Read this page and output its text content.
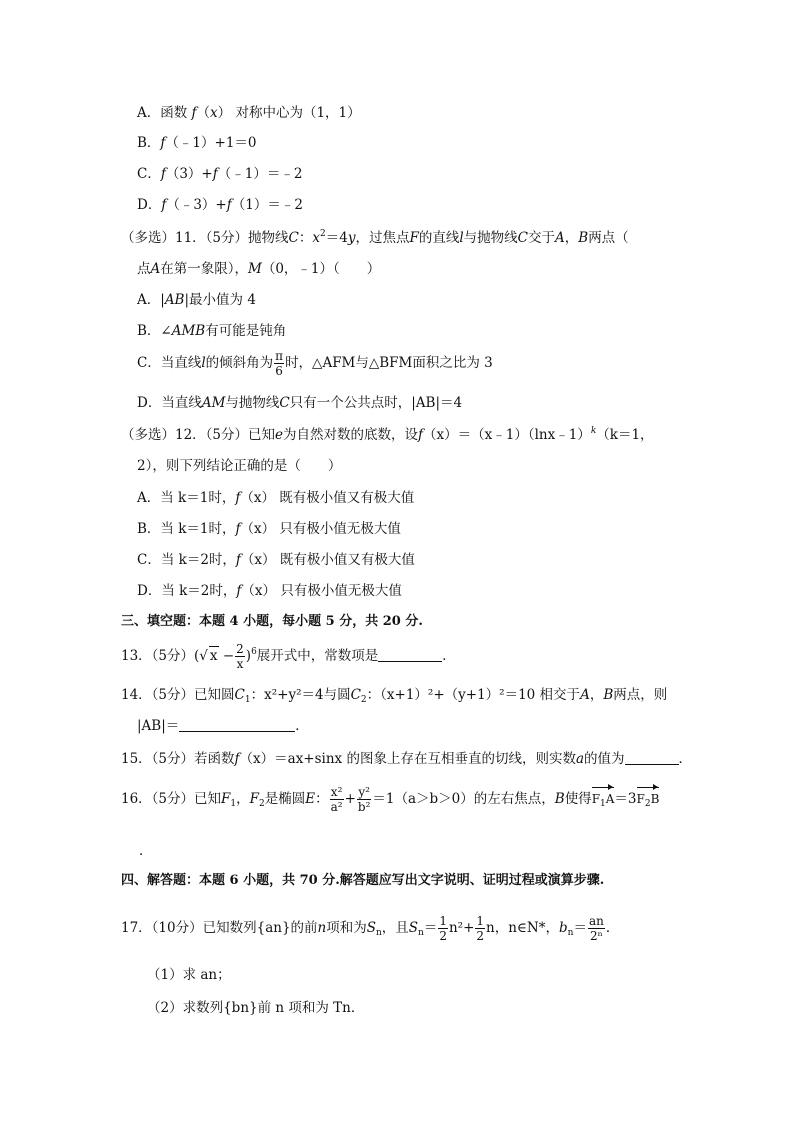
A．函数 f（x） 对称中心为（1，1）
B．f（﹣1）+1＝0
C．f（3）+f（﹣1）＝﹣2
D．f（﹣3）+f（1）＝﹣2
（多选）11．（5分）抛物线C：$x^2=4y$，过焦点F的直线l与抛物线C交于A，B两点（
点A在第一象限），M（0，﹣1）（　　）
A．|AB|最小值为 4
B．∠AMB有可能是钝角
C．当直线l的倾斜角为 $\frac{\pi}{6}$ 时，△AFM与△BFM面积之比为 3
D．当直线AM与抛物线C只有一个公共点时，|AB|＝4
（多选）12．（5分）已知e为自然对数的底数，设f（x）＝（x﹣1）（lnx﹣1）$^k$（k＝1，
2），则下列结论正确的是（　　）
A．当 k＝1时，f（x） 既有极小值又有极大值
B．当 k＝1时，f（x） 只有极小值无极大值
C．当 k＝2时，f（x） 既有极小值又有极大值
D．当 k＝2时，f（x） 只有极小值无极大值
三、填空题：本题 4 小题，每小题 5 分，共 20 分.
13．（5分）(√ $x - \frac{2}{x} )^6$展开式中，常数项是	．
14．（5分）已知圆$C_1$：x²+y²＝4与圆$C_2$：（x+1）²+（y+1）²＝10 相交于A，B两点，则
|AB|＝	．
15．（5分）若函数f（x）＝ax+sinx 的图象上存在互相垂直的切线，则实数a的值为	．
16．（5分）已知$F_1$，$F_2$是椭圆E： $\frac{\text{x²}}{\text{a²}} + \frac{\text{y²}}{\text{b²}} =1(a>b>0)$的左右焦点，B使得$F_1A=3F_2B$
．
四、解答题：本题 6 小题，共 70 分.解答题应写出文字说明、证明过程或演算步骤.
17．（10分）已知数列{an}的前n项和为$S_n$，且$S_n= \frac{1}{2} n^2+ \frac{1}{2}$ n，n∈N*，$b_n= \frac{an}{\text{2ⁿ}}$ ．
（1）求 an；
（2）求数列{bn}前 n 项和为 Tn．
